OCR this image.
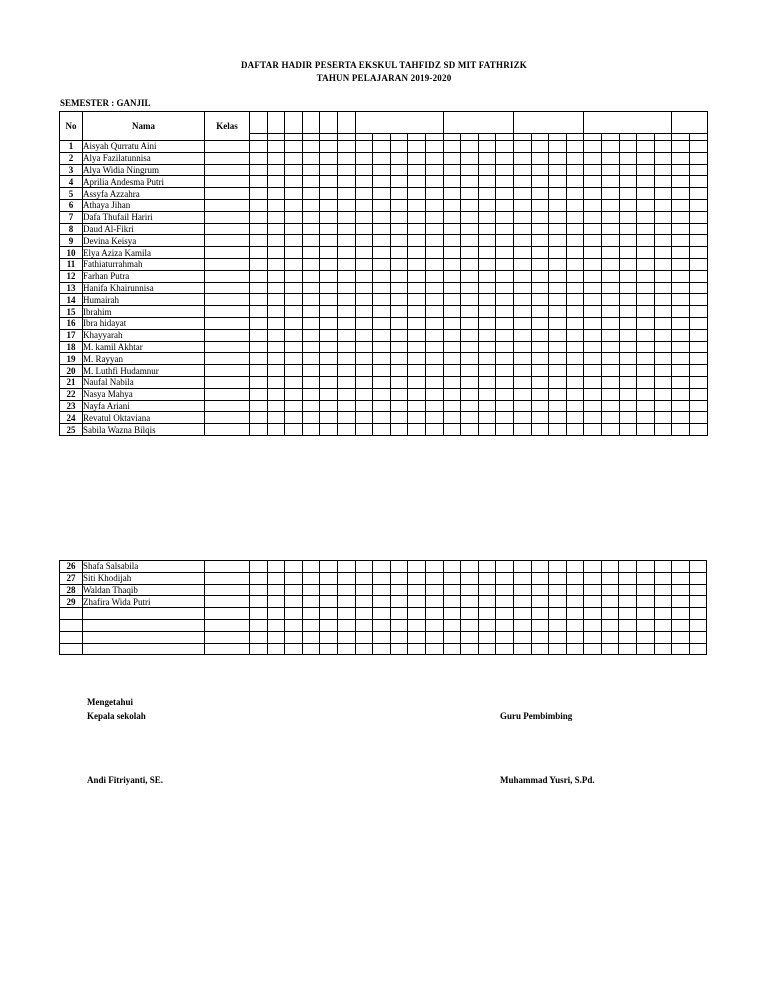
DAFTAR HADIR PESERTA EKSKUL TAHFIDZ SD MIT FATHRIZK
TAHUN PELAJARAN 2019-2020
SEMESTER : GANJIL
No	Nama	Kelas																										

1	Aisyah Qurratu Aini																											
2	Alya Fazilatunnisa																											
3	Alya Widia Ningrum																											
4	Aprilia Andesma Putri																											
5	Assyfa Azzahra																											
6	Athaya Jihan																											
7	Dafa Thufail Hariri																											
8	Daud Al-Fikri																											
9	Devina Keisya																											
10	Elya Aziza Kamila																											
11	Fathiaturrahmah																											
12	Farhan Putra																											
13	Hanifa Khairunnisa																											
14	Humairah																											
15	Ibrahim																											
16	Ibra hidayat																											
17	Khayyarah																											
18	M. kamil Akhtar																											
19	M. Rayyan																											
20	M. Luthfi Hudamnur																											
21	Naufal Nabila																											
22	Nasya Mahya																											
23	Nayfa Ariani																											
24	Revatul Oktaviana																											
25	Sabila Wazna Bilqis																											
26	Shafa Salsabila																											
27	Siti Khodijah																											
28	Waldan Thaqib																											
29	Zhafira Wida Putri																											

Mengetahui
Kepala sekolah	Guru Pembimbing
Andi Fitriyanti, SE.	Muhammad Yusri, S.Pd.
